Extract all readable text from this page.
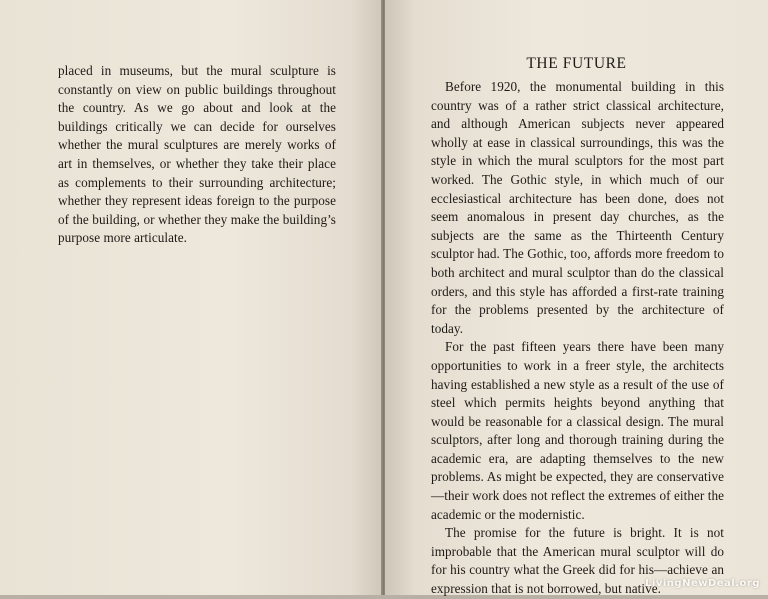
placed in museums, but the mural sculpture is constantly on view on public buildings throughout the country. As we go about and look at the buildings critically we can decide for ourselves whether the mural sculptures are merely works of art in themselves, or whether they take their place as complements to their surrounding architecture; whether they represent ideas foreign to the purpose of the building, or whether they make the building’s purpose more articulate.

THE FUTURE

Before 1920, the monumental building in this country was of a rather strict classical architecture, and although American subjects never appeared wholly at ease in classical surroundings, this was the style in which the mural sculptors for the most part worked. The Gothic style, in which much of our ecclesiastical architecture has been done, does not seem anomalous in present day churches, as the subjects are the same as the Thirteenth Century sculptor had. The Gothic, too, affords more freedom to both architect and mural sculptor than do the classical orders, and this style has afforded a first-rate training for the problems presented by the architecture of today.

For the past fifteen years there have been many opportunities to work in a freer style, the architects having established a new style as a result of the use of steel which permits heights beyond anything that would be reasonable for a classical design. The mural sculptors, after long and thorough training during the academic era, are adapting themselves to the new problems. As might be expected, they are conservative—their work does not reflect the extremes of either the academic or the modernistic.

The promise for the future is bright. It is not improbable that the American mural sculptor will do for his country what the Greek did for his—achieve an expression that is not borrowed, but native.

LivingNewDeal.org
